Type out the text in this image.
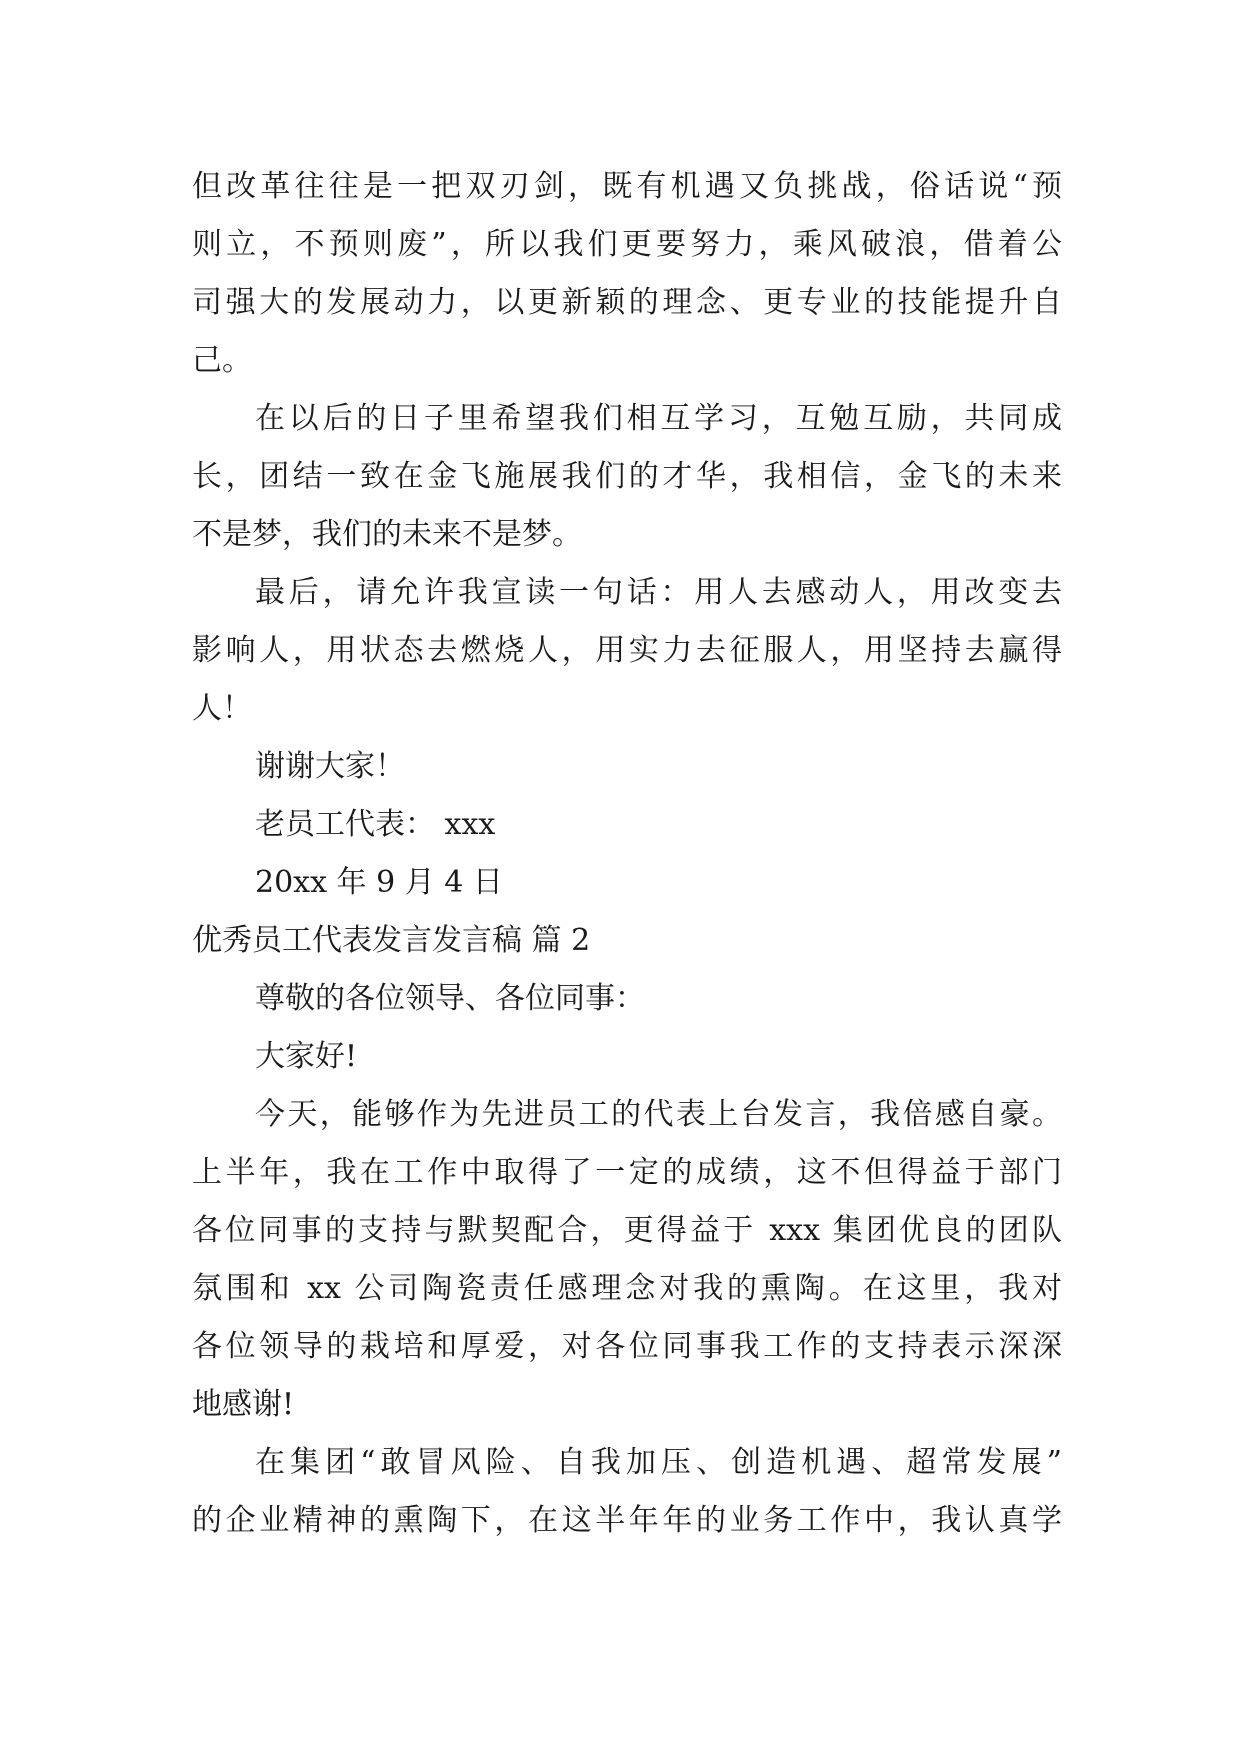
但改革往往是一把双刃剑，既有机遇又负挑战，俗话说“预
则立，不预则废”，所以我们更要努力，乘风破浪，借着公
司强大的发展动力，以更新颖的理念、更专业的技能提升自
己。
在以后的日子里希望我们相互学习，互勉互励，共同成
长，团结一致在金飞施展我们的才华，我相信，金飞的未来
不是梦，我们的未来不是梦。
最后，请允许我宣读一句话：用人去感动人，用改变去
影响人，用状态去燃烧人，用实力去征服人，用坚持去赢得
人！
谢谢大家！
老员工代表： xxx
20xx 年 9 月 4 日
优秀员工代表发言发言稿 篇 2
尊敬的各位领导、各位同事：
大家好!
今天，能够作为先进员工的代表上台发言，我倍感自豪。
上半年，我在工作中取得了一定的成绩，这不但得益于部门
各位同事的支持与默契配合，更得益于 xxx 集团优良的团队
氛围和 xx 公司陶瓷责任感理念对我的熏陶。在这里，我对
各位领导的栽培和厚爱，对各位同事我工作的支持表示深深
地感谢!
在集团“敢冒风险、自我加压、创造机遇、超常发展”
的企业精神的熏陶下，在这半年年的业务工作中，我认真学
